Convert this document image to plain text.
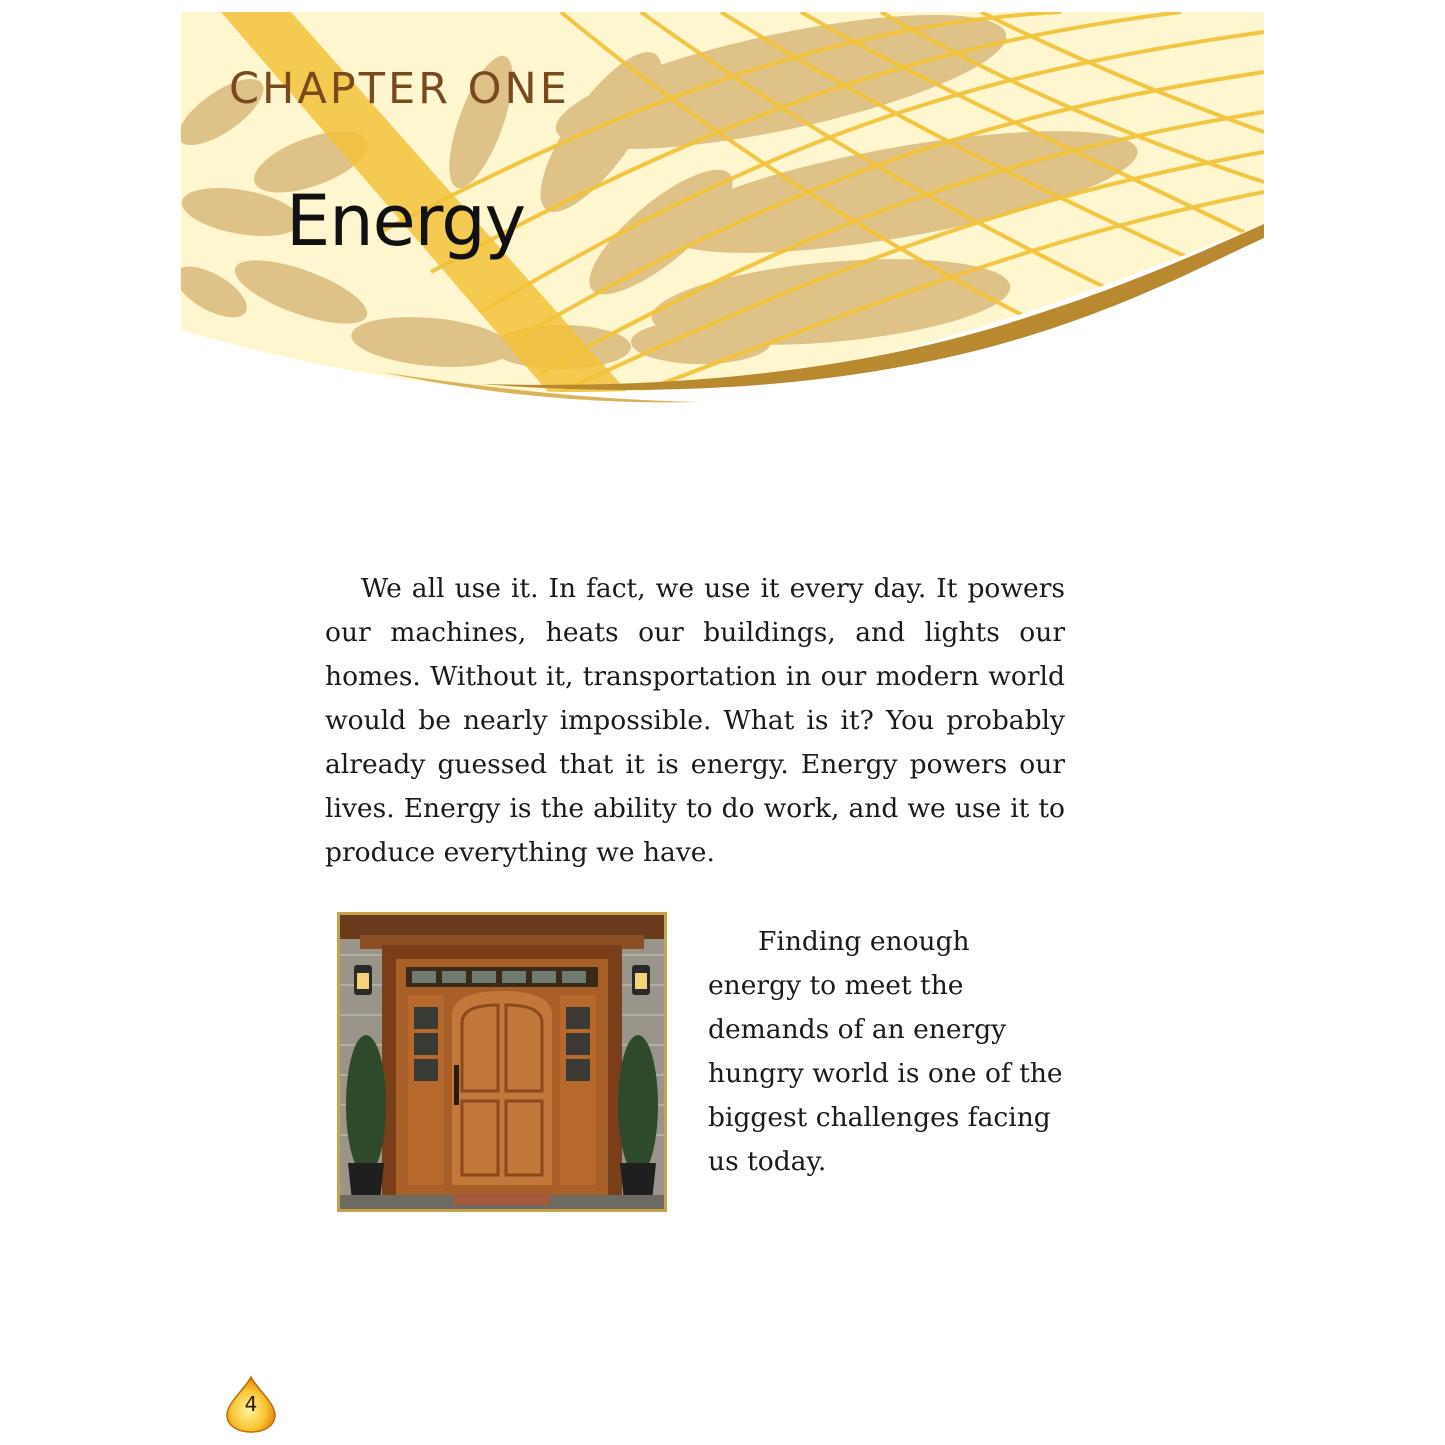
CHAPTER ONE
Energy

We all use it. In fact, we use it every day. It powers our machines, heats our buildings, and lights our homes. Without it, transportation in our modern world would be nearly impossible. What is it? You probably already guessed that it is energy. Energy powers our lives. Energy is the ability to do work, and we use it to produce everything we have.

Finding enough energy to meet the demands of an energy hungry world is one of the biggest challenges facing us today.

4
